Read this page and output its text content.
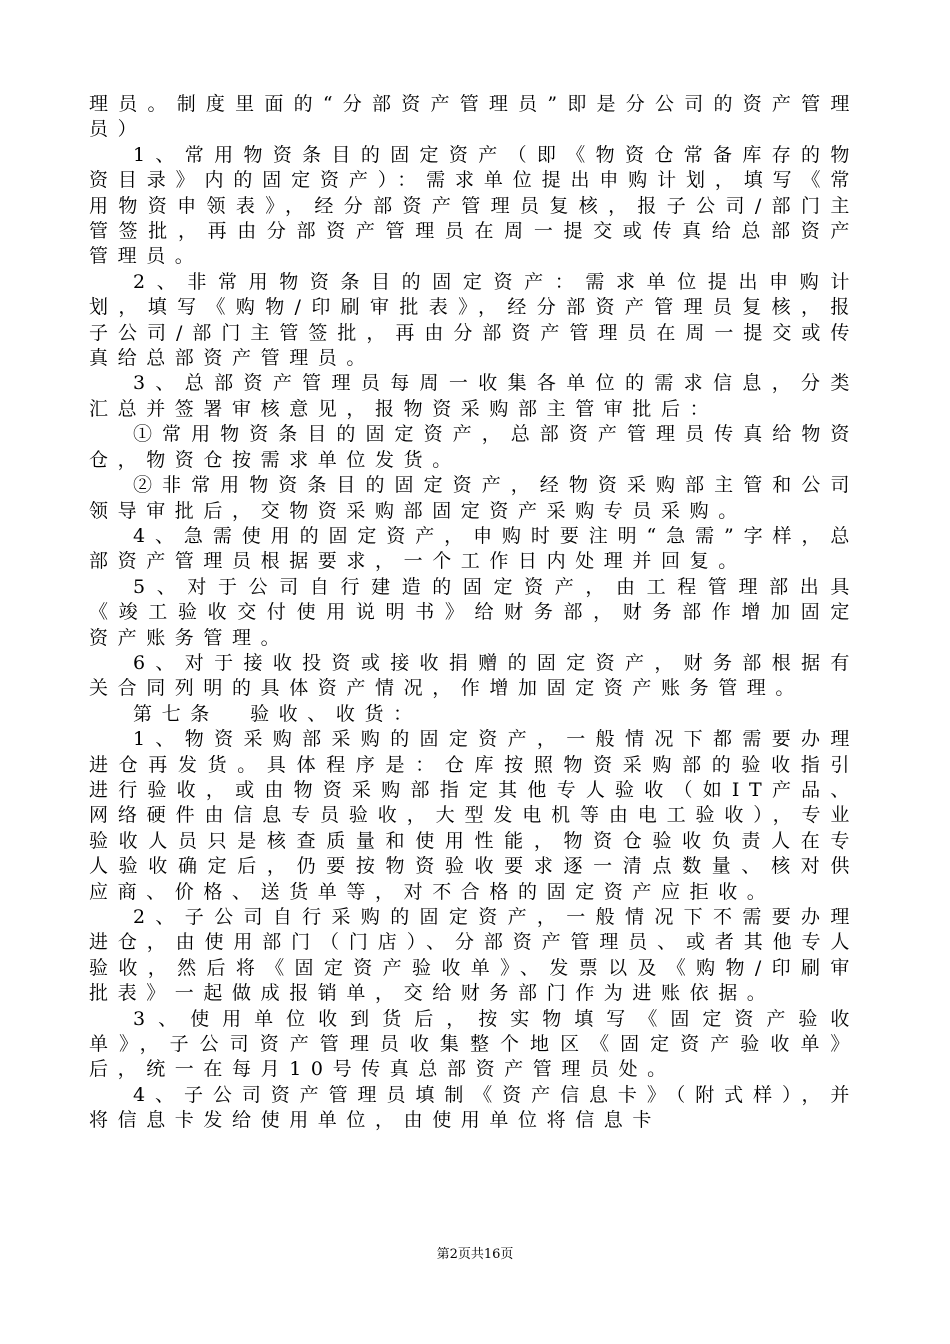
理员。制度里面的“分部资产管理员”即是分公司的资产管理员）

1、常用物资条目的固定资产（即《物资仓常备库存的物资目录》内的固定资产）：需求单位提出申购计划，填写《常用物资申领表》，经分部资产管理员复核，报子公司/部门主管签批，再由分部资产管理员在周一提交或传真给总部资产管理员。

2、非常用物资条目的固定资产：需求单位提出申购计划，填写《购物/印刷审批表》，经分部资产管理员复核，报子公司/部门主管签批，再由分部资产管理员在周一提交或传真给总部资产管理员。

3、总部资产管理员每周一收集各单位的需求信息，分类汇总并签署审核意见，报物资采购部主管审批后：

①常用物资条目的固定资产，总部资产管理员传真给物资仓，物资仓按需求单位发货。

②非常用物资条目的固定资产，经物资采购部主管和公司领导审批后，交物资采购部固定资产采购专员采购。

4、急需使用的固定资产，申购时要注明“急需”字样，总部资产管理员根据要求，一个工作日内处理并回复。

5、对于公司自行建造的固定资产，由工程管理部出具《竣工验收交付使用说明书》给财务部，财务部作增加固定资产账务管理。

6、对于接收投资或接收捐赠的固定资产，财务部根据有关合同列明的具体资产情况，作增加固定资产账务管理。

第七条  验收、收货：

1、物资采购部采购的固定资产，一般情况下都需要办理进仓再发货。具体程序是：仓库按照物资采购部的验收指引进行验收，或由物资采购部指定其他专人验收（如IT产品、网络硬件由信息专员验收，大型发电机等由电工验收），专业验收人员只是核查质量和使用性能，物资仓验收负责人在专人验收确定后，仍要按物资验收要求逐一清点数量、核对供应商、价格、送货单等，对不合格的固定资产应拒收。

2、子公司自行采购的固定资产，一般情况下不需要办理进仓，由使用部门（门店）、分部资产管理员、或者其他专人验收，然后将《固定资产验收单》、发票以及《购物/印刷审批表》一起做成报销单，交给财务部门作为进账依据。

3、使用单位收到货后，按实物填写《固定资产验收单》，子公司资产管理员收集整个地区《固定资产验收单》后，统一在每月10号传真总部资产管理员处。

4、子公司资产管理员填制《资产信息卡》（附式样），并将信息卡发给使用单位，由使用单位将信息卡

第2页共16页
